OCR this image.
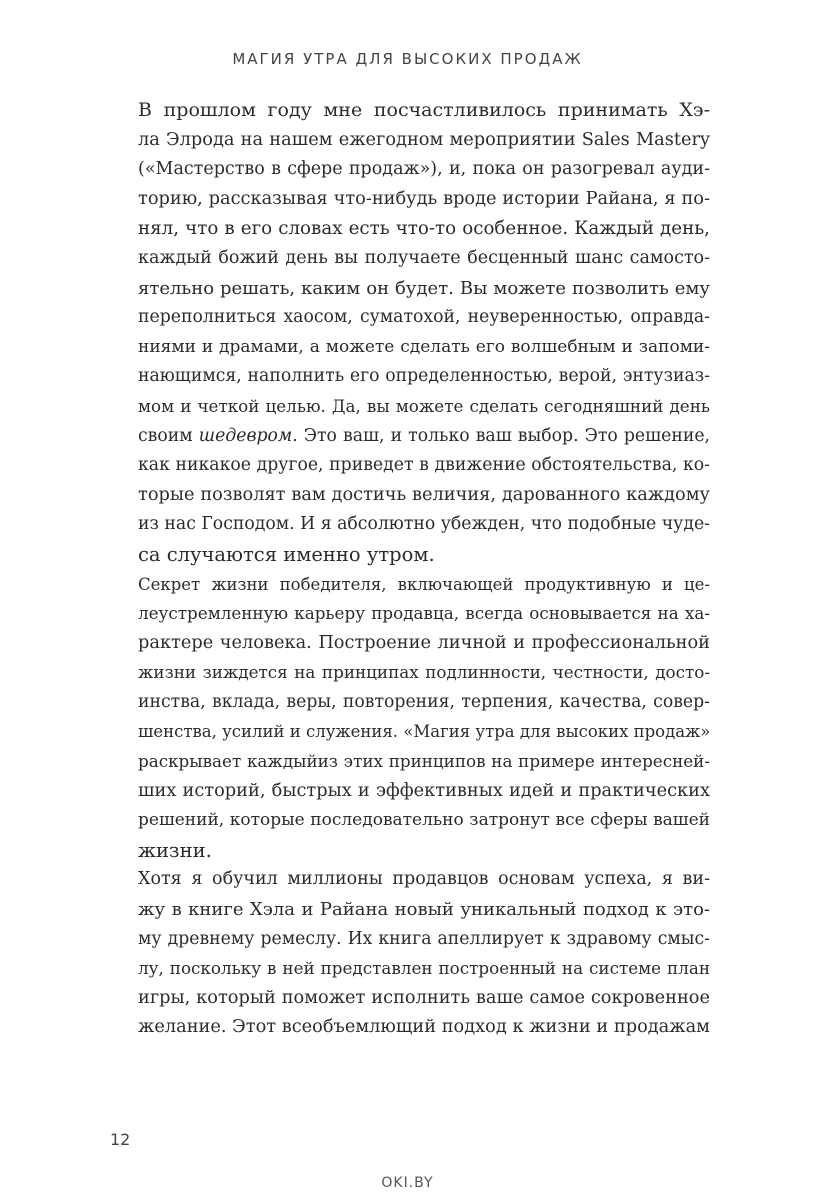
МАГИЯ УТРА ДЛЯ ВЫСОКИХ ПРОДАЖ

В прошлом году мне посчастливилось принимать Хэ-
ла Элрода на нашем ежегодном мероприятии Sales Mastery
(«Мастерство в сфере продаж»), и, пока он разогревал ауди-
торию, рассказывая что-нибудь вроде истории Райана, я по-
нял, что в его словах есть что-то особенное. Каждый день,
каждый божий день вы получаете бесценный шанс самосто-
ятельно решать, каким он будет. Вы можете позволить ему
переполниться хаосом, суматохой, неуверенностью, оправда-
ниями и драмами, а можете сделать его волшебным и запоми-
нающимся, наполнить его определенностью, верой, энтузиаз-
мом и четкой целью. Да, вы можете сделать сегодняшний день
своим шедевром. Это ваш, и только ваш выбор. Это решение,
как никакое другое, приведет в движение обстоятельства, ко-
торые позволят вам достичь величия, дарованного каждому
из нас Господом. И я абсолютно убежден, что подобные чуде-
са случаются именно утром.

Секрет жизни победителя, включающей продуктивную и це-
леустремленную карьеру продавца, всегда основывается на ха-
рактере человека. Построение личной и профессиональной
жизни зиждется на принципах подлинности, честности, досто-
инства, вклада, веры, повторения, терпения, качества, совер-
шенства, усилий и служения. «Магия утра для высоких продаж»
раскрывает каждыйиз этих принципов на примере интересней-
ших историй, быстрых и эффективных идей и практических
решений, которые последовательно затронут все сферы вашей
жизни.

Хотя я обучил миллионы продавцов основам успеха, я ви-
жу в книге Хэла и Райана новый уникальный подход к это-
му древнему ремеслу. Их книга апеллирует к здравому смыс-
лу, поскольку в ней представлен построенный на системе план
игры, который поможет исполнить ваше самое сокровенное
желание. Этот всеобъемлющий подход к жизни и продажам

12
OKI.BY
